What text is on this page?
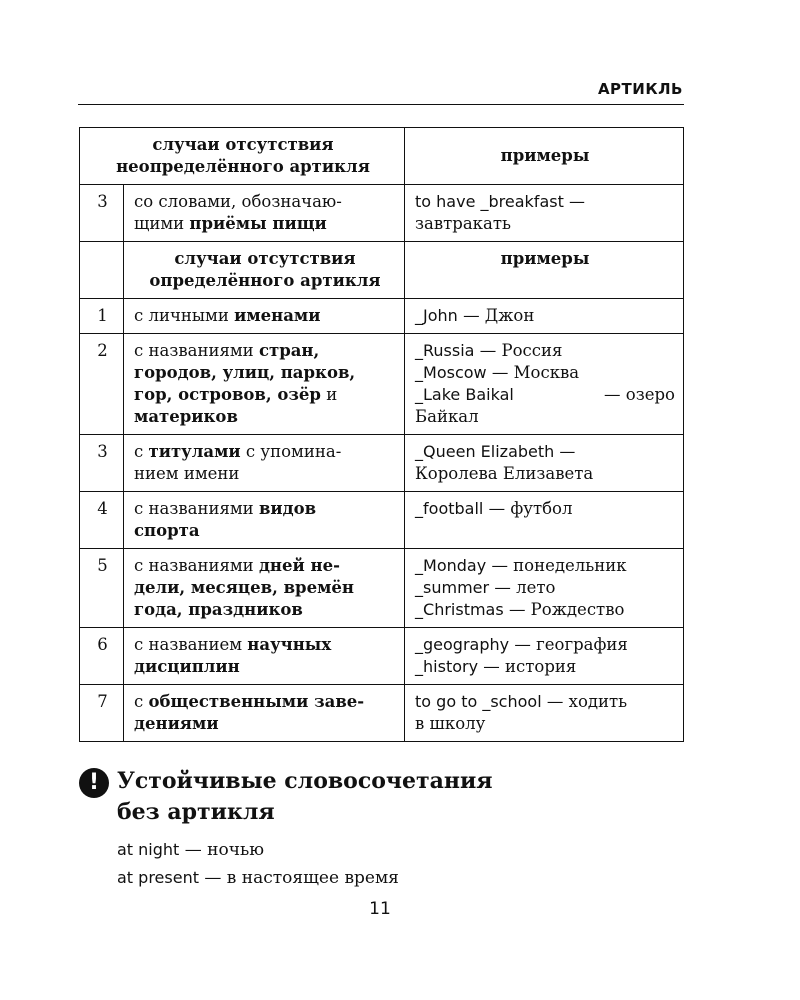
АРТИКЛЬ
случаи отсутствия неопределённого артикля		примеры
3	со словами, обозначаю-
щими приёмы пищи	to have _breakfast —
завтракать

	случаи отсутствия определённого артикля	примеры
1	с личными именами	_John — Джон

2	с названиями стран,
городов, улиц, парков,
гор, островов, озёр и
материков	_Russia — Россия
_Moscow — Москва
_Lake Baikal — озеро
Байкал

3	с титулами с упомина-
нием имени	_Queen Elizabeth —
Королева Елизавета

4	с названиями видов
спорта	_football — футбол

5	с названиями дней не-
дели, месяцев, времён
года, праздников	_Monday — понедельник
_summer — лето
_Christmas — Рождество

6	с названием научных
дисциплин	_geography — география
_history — история

7	с общественными заве-
дениями	to go to _school — ходить
в школу
! Устойчивые словосочетания без артикля
at night — ночью
at present — в настоящее время
11
